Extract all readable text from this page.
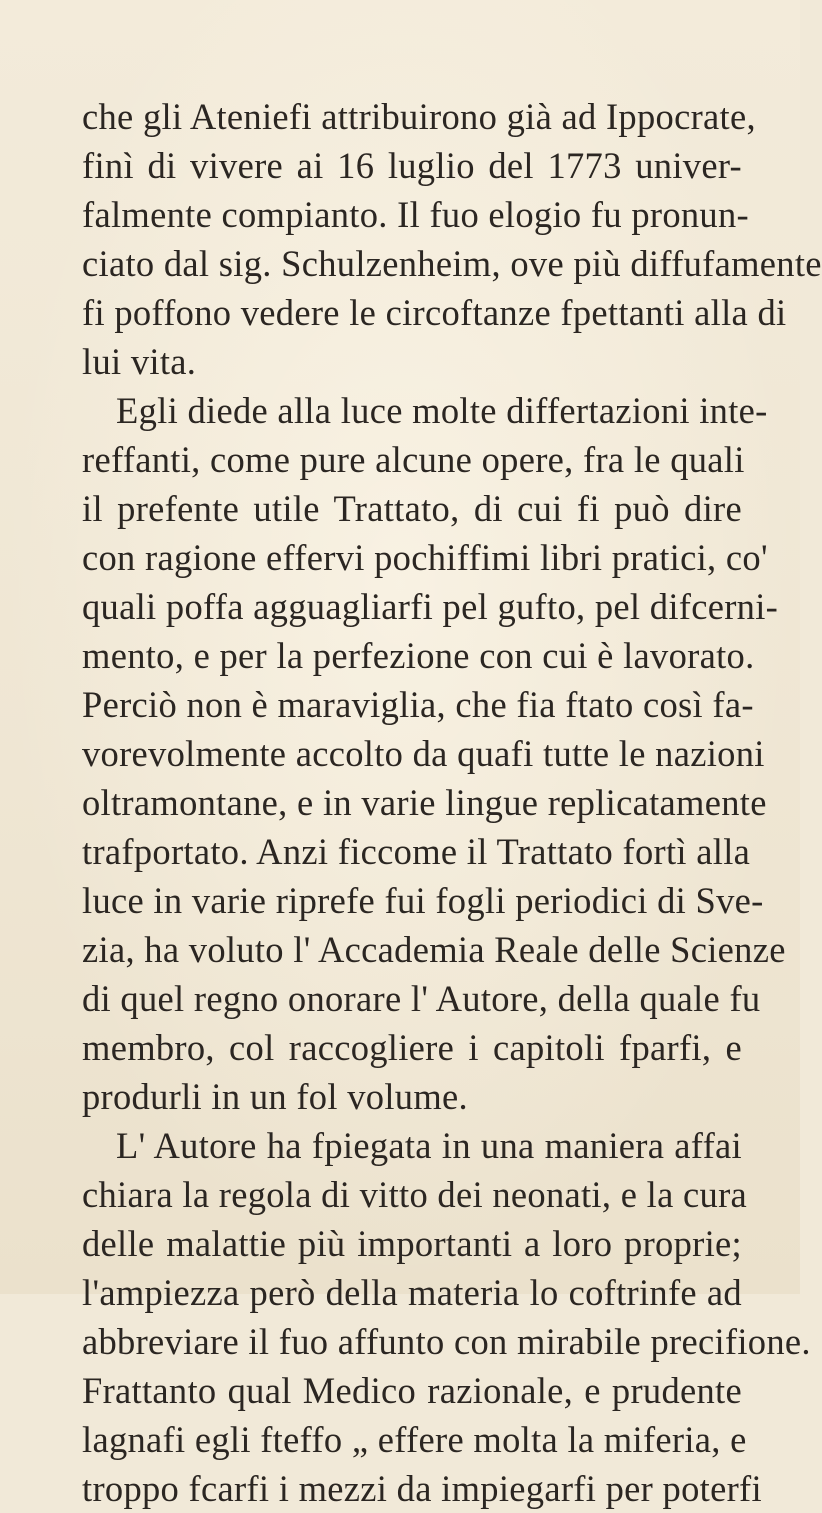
che gli Ateniefi attribuirono già ad Ippocrate,
finì di vivere ai 16 luglio del 1773 univer-
falmente compianto. Il fuo elogio fu pronun-
ciato dal sig. Schulzenheim, ove più diffufamente
fi poffono vedere le circoftanze fpettanti alla di
lui vita.
Egli diede alla luce molte differtazioni inte-
reffanti, come pure alcune opere, fra le quali
il prefente utile Trattato, di cui fi può dire
con ragione effervi pochiffimi libri pratici, co'
quali poffa agguagliarfi pel gufto, pel difcerni-
mento, e per la perfezione con cui è lavorato.
Perciò non è maraviglia, che fia ftato così fa-
vorevolmente accolto da quafi tutte le nazioni
oltramontane, e in varie lingue replicatamente
trafportato. Anzi ficcome il Trattato fortì alla
luce in varie riprefe fui fogli periodici di Sve-
zia, ha voluto l' Accademia Reale delle Scienze
di quel regno onorare l' Autore, della quale fu
membro, col raccogliere i capitoli fparfi, e
produrli in un fol volume.
L' Autore ha fpiegata in una maniera affai
chiara la regola di vitto dei neonati, e la cura
delle malattie più importanti a loro proprie;
l'ampiezza però della materia lo coftrinfe ad
abbreviare il fuo affunto con mirabile precifione.
Frattanto qual Medico razionale, e prudente
lagnafi egli fteffo „ effere molta la miferia, e
troppo fcarfi i mezzi da impiegarfi per poterfi
